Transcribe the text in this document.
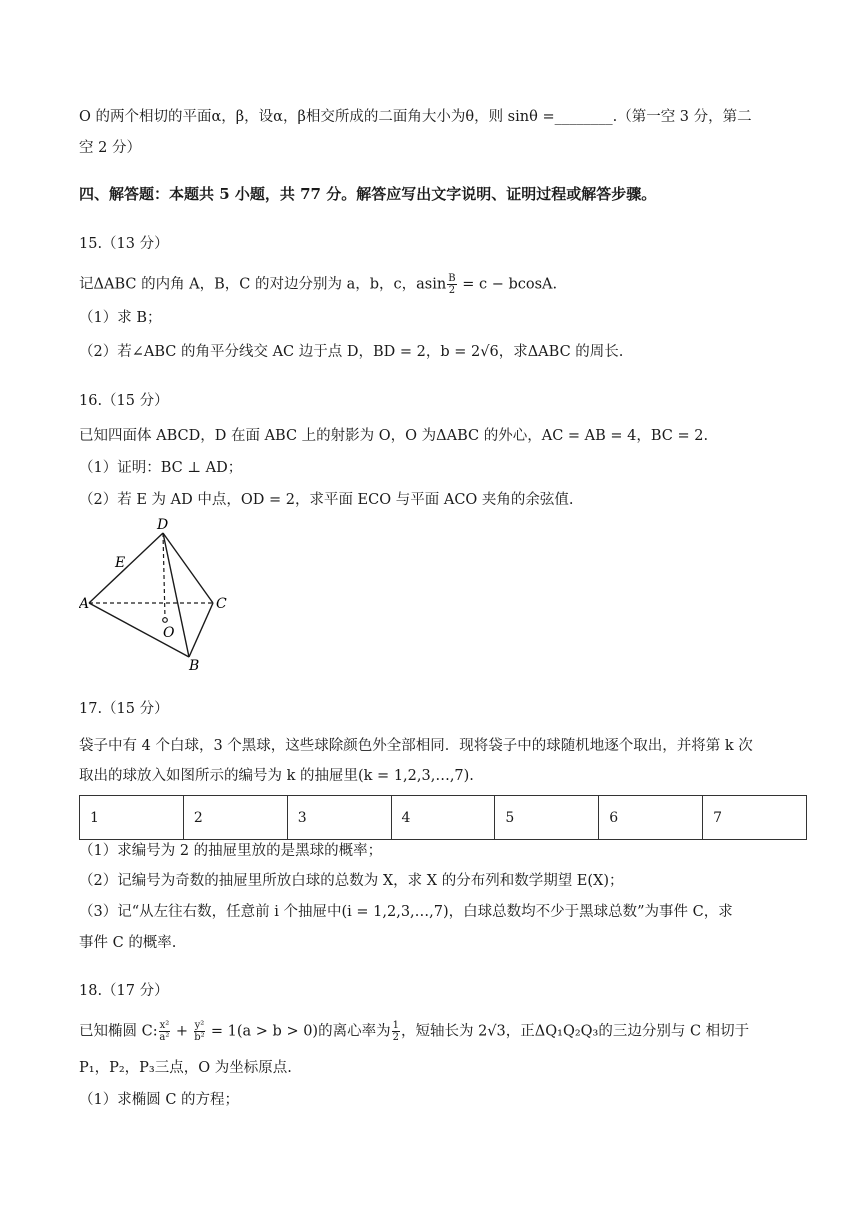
O 的两个相切的平面α，β，设α，β相交所成的二面角大小为θ，则 sinθ =________.（第一空 3 分，第二
空 2 分）
四、解答题：本题共 5 小题，共 77 分。解答应写出文字说明、证明过程或解答步骤。
15.（13 分）
记ΔABC 的内角 A，B，C 的对边分别为 a，b，c，asin $\frac{B}{2} = c - bcosA$.
（1）求 B；
（2）若∠ABC 的角平分线交 AC 边于点 D，BD = 2，b = 2√6，求ΔABC 的周长.
16.（15 分）
已知四面体 ABCD，D 在面 ABC 上的射影为 O，O 为ΔABC 的外心，AC = AB = 4，BC = 2.
（1）证明：BC ⊥ AD；
（2）若 E 为 AD 中点，OD = 2，求平面 ECO 与平面 ACO 夹角的余弦值.
D
E
A	C
O
B
17.（15 分）
袋子中有 4 个白球，3 个黑球，这些球除颜色外全部相同．现将袋子中的球随机地逐个取出，并将第 k 次
取出的球放入如图所示的编号为 k 的抽屉里(k = 1,2,3,…,7).
1	2	3	4	5	6	7
（1）求编号为 2 的抽屉里放的是黑球的概率；
（2）记编号为奇数的抽屉里所放白球的总数为 X，求 X 的分布列和数学期望 E(X)；
（3）记“从左往右数，任意前 i 个抽屉中(i = 1,2,3,…,7)，白球总数均不少于黑球总数”为事件 C，求
事件 C 的概率.
18.（17 分）
已知椭圆 C: $\frac{\text{x²}}{\text{a²}} + \frac{\text{y²}}{\text{b²}} = 1(a > b > 0)$的离心率为 $\frac{1}{2}$ ，短轴长为 2√3，正ΔQ₁Q₂Q₃的三边分别与 C 相切于
P₁，P₂，P₃三点，O 为坐标原点.
（1）求椭圆 C 的方程；
